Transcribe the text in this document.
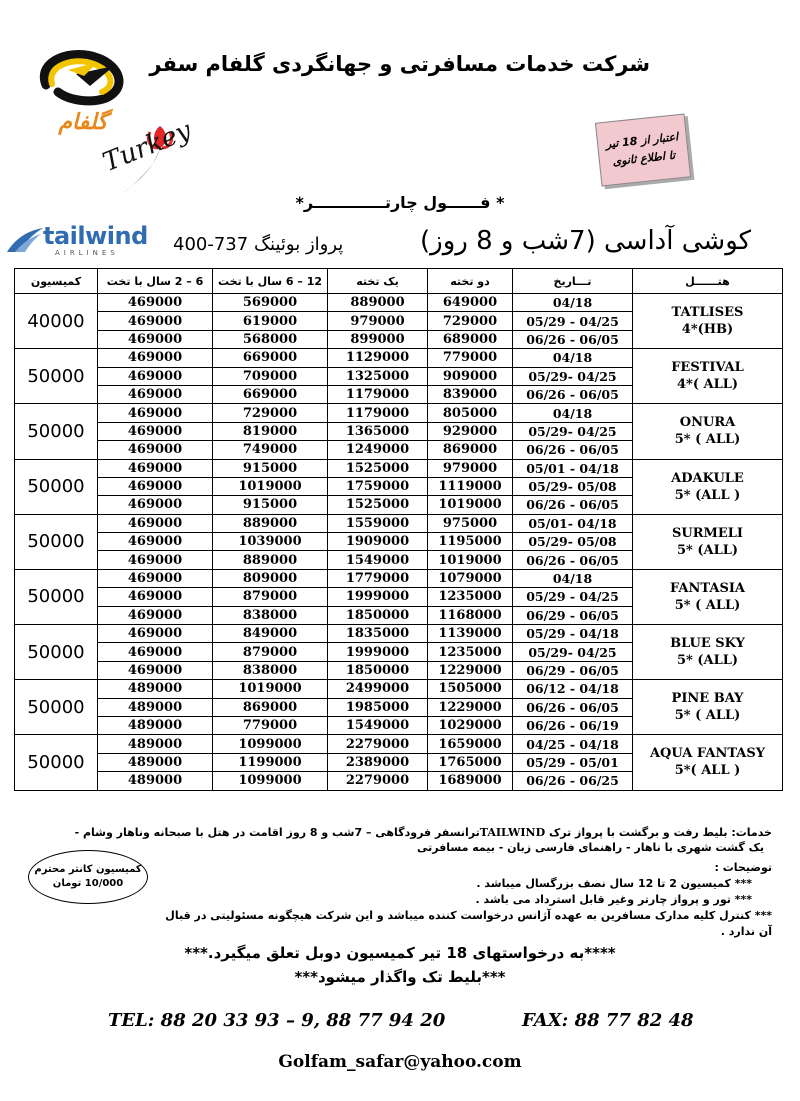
شرکت خدمات مسافرتی و جهانگردی گلفام سفر
گلفام
Turkey	اعتبار از 18 تیر
تا اطلاع ثانوی
* فــــــول چارتـــــــــــــر*
tailwind
AIRLINES	پرواز بوئینگ 737-400	کوشی آداسی (7شب و 8 روز)
کمیسیون	6 – 2 سال با تخت	12 – 6 سال با تخت	یک تخته	دو تخته	تـــاریخ	هتــــــل
40000	469000	569000	889000	649000	04/18	TATLISES
4*(HB)

	469000	619000	979000	729000	05/29 - 04/25	
	469000	568000	899000	689000	06/26 - 06/05	
50000	469000	669000	1129000	779000	04/18	FESTIVAL
4*( ALL)

	469000	709000	1325000	909000	05/29- 04/25	
	469000	669000	1179000	839000	06/26 - 06/05	
50000	469000	729000	1179000	805000	04/18	ONURA
5* ( ALL)

	469000	819000	1365000	929000	05/29- 04/25	
	469000	749000	1249000	869000	06/26 - 06/05	
50000	469000	915000	1525000	979000	05/01 - 04/18	ADAKULE
5* (ALL )

	469000	1019000	1759000	1119000	05/29- 05/08	
	469000	915000	1525000	1019000	06/26 - 06/05	
50000	469000	889000	1559000	975000	05/01- 04/18	SURMELI
5* (ALL)

	469000	1039000	1909000	1195000	05/29- 05/08	
	469000	889000	1549000	1019000	06/26 - 06/05	
50000	469000	809000	1779000	1079000	04/18	FANTASIA
5* ( ALL)

	469000	879000	1999000	1235000	05/29 - 04/25	
	469000	838000	1850000	1168000	06/29 - 06/05	
50000	469000	849000	1835000	1139000	05/29 - 04/18	BLUE SKY
5* (ALL)

	469000	879000	1999000	1235000	05/29- 04/25	
	469000	838000	1850000	1229000	06/29 - 06/05	
50000	489000	1019000	2499000	1505000	06/12 - 04/18	PINE BAY
5* ( ALL)

	489000	869000	1985000	1229000	06/26 - 06/05	
	489000	779000	1549000	1029000	06/26 - 06/19	
50000	489000	1099000	2279000	1659000	04/25 - 04/18	AQUA FANTASY
5*( ALL )

	489000	1199000	2389000	1765000	05/29 - 05/01	
	489000	1099000	2279000	1689000	06/26 - 06/25	
خدمات: بلیط رفت و برگشت با پرواز ترک TAILWINDترانسفر فرودگاهی – 7شب و 8 روز اقامت در هتل با صبحانه وناهار وشام -
یک گشت شهری با ناهار - راهنمای فارسی زبان - بیمه مسافرتی
کمیسیون کانتر محترم
10/000 تومان
توضیحات :
*** کمیسیون 2 تا 12 سال نصف بزرگسال میباشد .
*** تور و پرواز چارتر وغیر قابل استرداد می باشد .
*** کنترل کلیه مدارک مسافرین به عهده آژانس درخواست کننده میباشد و این شرکت هیچگونه مسئولیتی در قبال آن ندارد .
****به درخواستهای 18 تیر کمیسیون دوبل تعلق میگیرد.***
***بلیط تک واگذار میشود***
TEL: 88 20 33 93 – 9, 88 77 94 20	FAX: 88 77 82 48
Golfam_safar@yahoo.com
